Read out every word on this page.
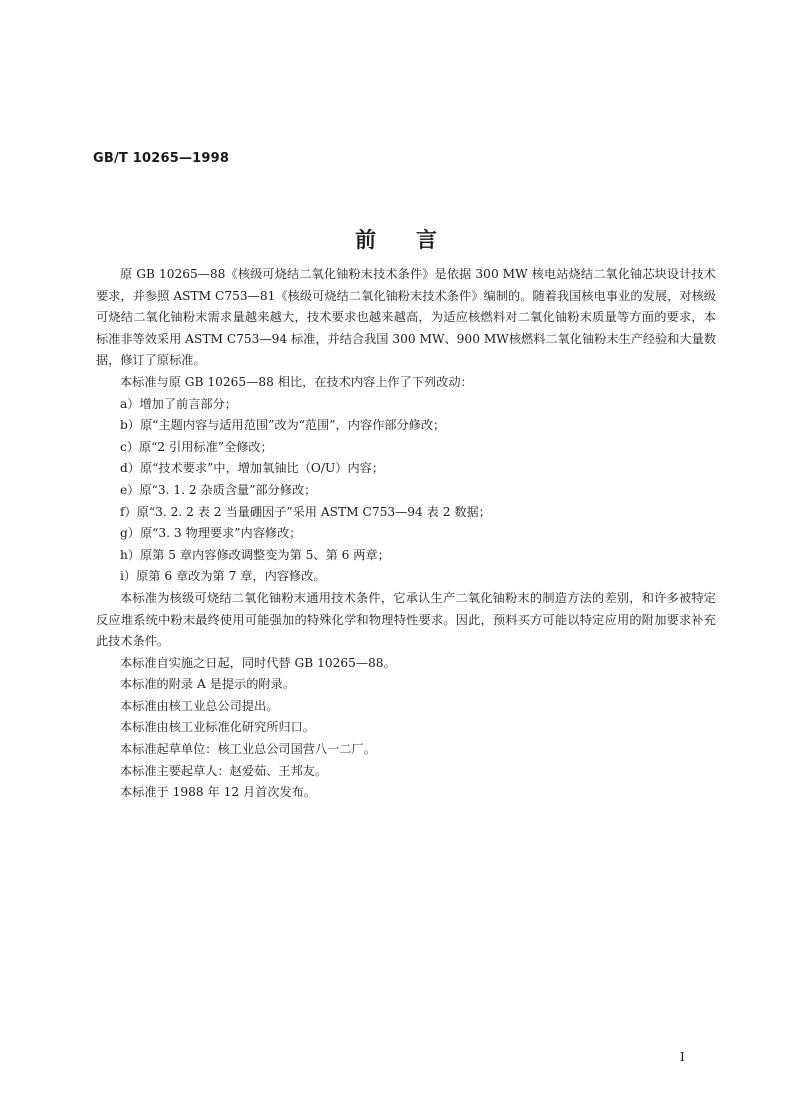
GB/T 10265—1998

前言

原 GB 10265—88《核级可烧结二氧化铀粉末技术条件》是依据 300 MW 核电站烧结二氧化铀芯块设计技术要求，并参照 ASTM C753—81《核级可烧结二氧化铀粉末技术条件》编制的。随着我国核电事业的发展，对核级可烧结二氧化铀粉末需求量越来越大，技术要求也越来越高，为适应核燃料对二氧化铀粉末质量等方面的要求，本标准非等效采用 ASTM C753—94 标准，并结合我国 300 MW、900 MW核燃料二氧化铀粉末生产经验和大量数据，修订了原标准。

本标准与原 GB 10265—88 相比，在技术内容上作了下列改动：

a）增加了前言部分；

b）原“主题内容与适用范围”改为“范围”，内容作部分修改；

c）原“2 引用标准”全修改；

d）原“技术要求”中，增加氧铀比（O/U）内容；

e）原“3. 1. 2 杂质含量”部分修改；

f）原“3. 2. 2 表 2 当量硼因子”采用 ASTM C753—94 表 2 数据；

g）原“3. 3 物理要求”内容修改；

h）原第 5 章内容修改调整变为第 5、第 6 两章；

i）原第 6 章改为第 7 章，内容修改。

本标准为核级可烧结二氧化铀粉末通用技术条件，它承认生产二氧化铀粉末的制造方法的差别，和许多被特定反应堆系统中粉末最终使用可能强加的特殊化学和物理特性要求。因此，预料买方可能以特定应用的附加要求补充此技术条件。

本标准自实施之日起，同时代替 GB 10265—88。

本标准的附录 A 是提示的附录。

本标准由核工业总公司提出。

本标准由核工业标准化研究所归口。

本标准起草单位：核工业总公司国营八一二厂。

本标准主要起草人：赵爱茹、王邦友。

本标准于 1988 年 12 月首次发布。

I
